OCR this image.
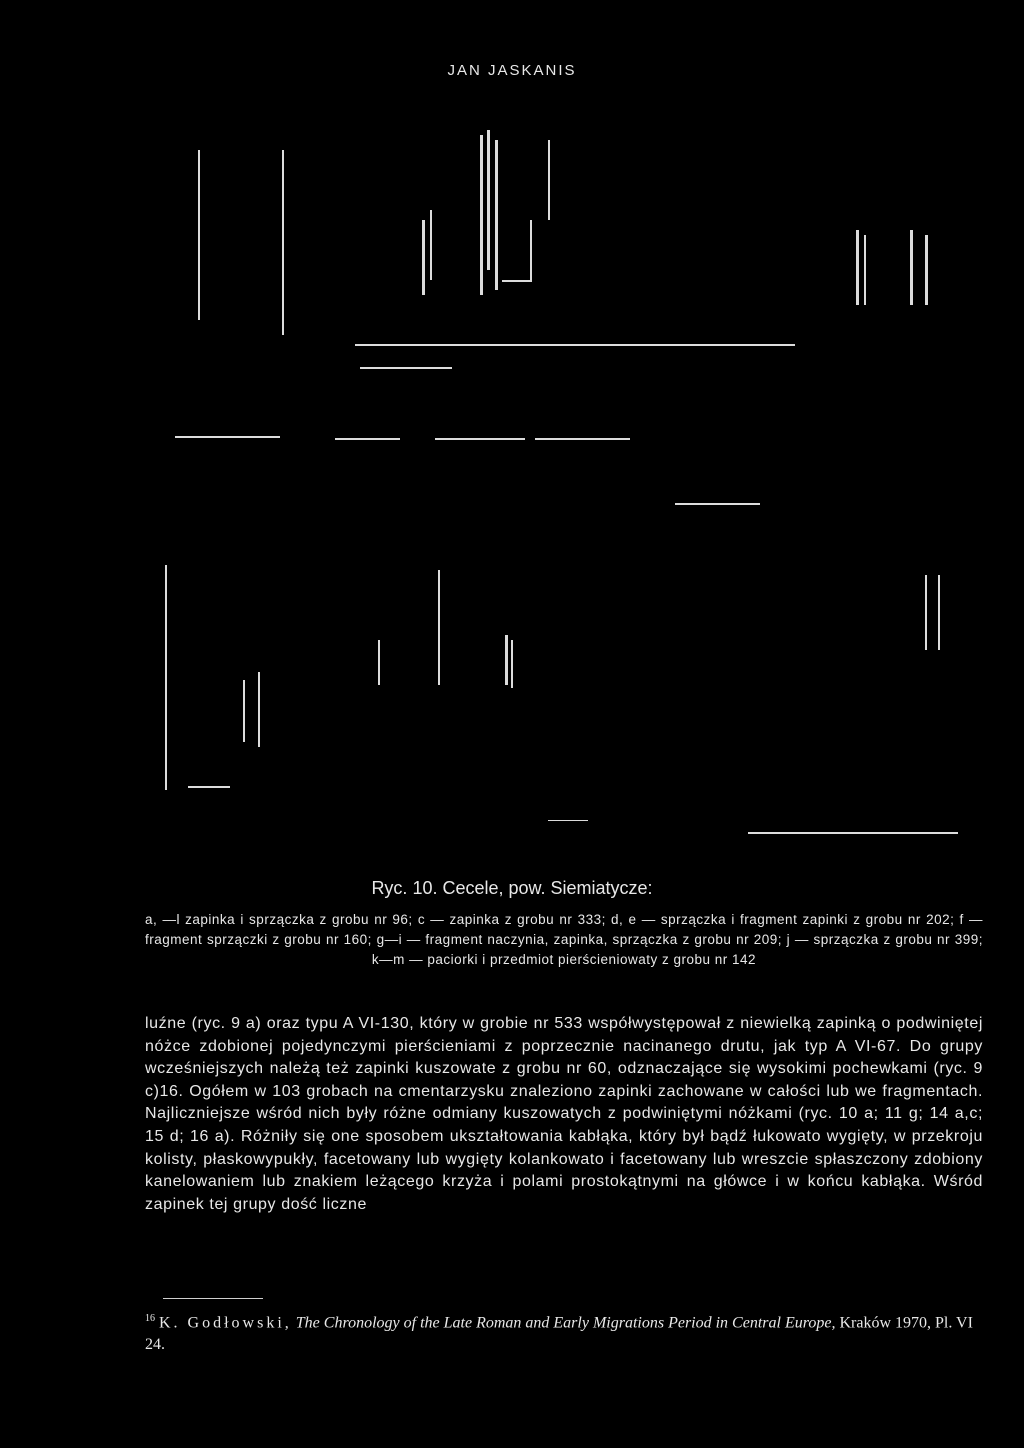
JAN JASKANIS
Ryc. 10. Cecele, pow. Siemiatycze:
a, —l zapinka i sprzączka z grobu nr 96; c — zapinka z grobu nr 333; d, e — sprzączka i fragment zapinki z grobu nr 202; f — fragment sprzączki z grobu nr 160; g—i — fragment naczynia, zapinka, sprzączka z grobu nr 209; j — sprzączka z grobu nr 399; k—m — paciorki i przedmiot pierścieniowaty z grobu nr 142
luźne (ryc. 9 a) oraz typu A VI-130, który w grobie nr 533 współwystępował z niewielką zapinką o podwiniętej nóżce zdobionej pojedynczymi pierścieniami z poprzecznie nacinanego drutu, jak typ A VI-67. Do grupy wcześniejszych należą też zapinki kuszowate z grobu nr 60, odznaczające się wysokimi pochewkami (ryc. 9 c)16. Ogółem w 103 grobach na cmentarzysku znaleziono zapinki zachowane w całości lub we fragmentach. Najliczniejsze wśród nich były różne odmiany kuszowatych z podwiniętymi nóżkami (ryc. 10 a; 11 g; 14 a,c; 15 d; 16 a). Różniły się one sposobem ukształtowania kabłąka, który był bądź łukowato wygięty, w przekroju kolisty, płaskowypukły, facetowany lub wygięty kolankowato i facetowany lub wreszcie spłaszczony zdobiony kanelowaniem lub znakiem leżącego krzyża i polami prostokątnymi na główce i w końcu kabłąka. Wśród zapinek tej grupy dość liczne
$^{16}$ K. Godłowski, The Chronology of the Late Roman and Early Migrations Period in Central Europe, Kraków 1970, Pl. VI 24.
